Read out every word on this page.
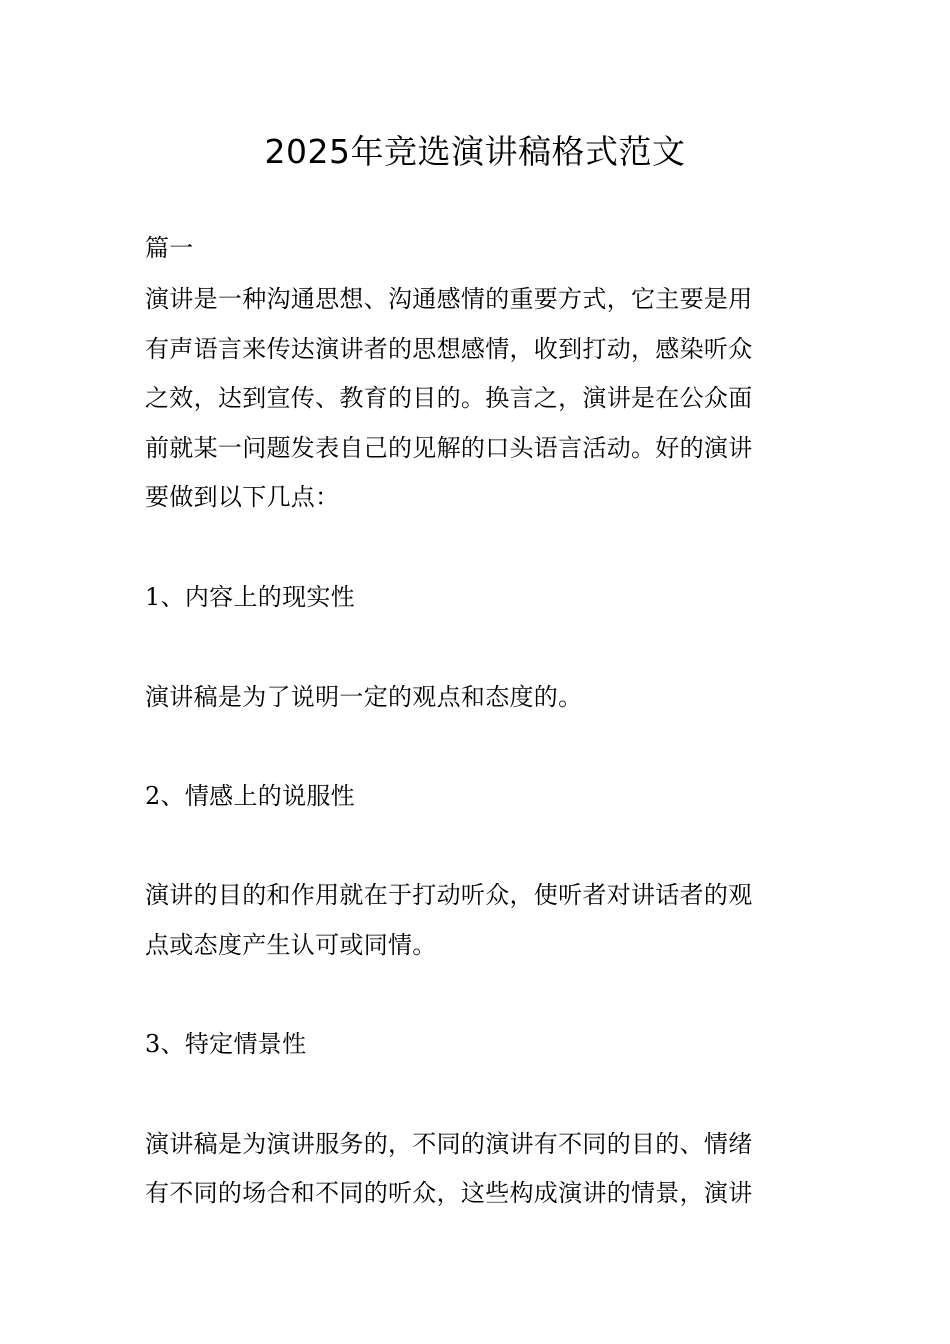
2025年竞选演讲稿格式范文
篇一
演讲是一种沟通思想、沟通感情的重要方式，它主要是用
有声语言来传达演讲者的思想感情，收到打动，感染听众
之效，达到宣传、教育的目的。换言之，演讲是在公众面
前就某一问题发表自己的见解的口头语言活动。好的演讲
要做到以下几点：
1、内容上的现实性
演讲稿是为了说明一定的观点和态度的。
2、情感上的说服性
演讲的目的和作用就在于打动听众，使听者对讲话者的观
点或态度产生认可或同情。
3、特定情景性
演讲稿是为演讲服务的，不同的演讲有不同的目的、情绪
有不同的场合和不同的听众，这些构成演讲的情景，演讲
